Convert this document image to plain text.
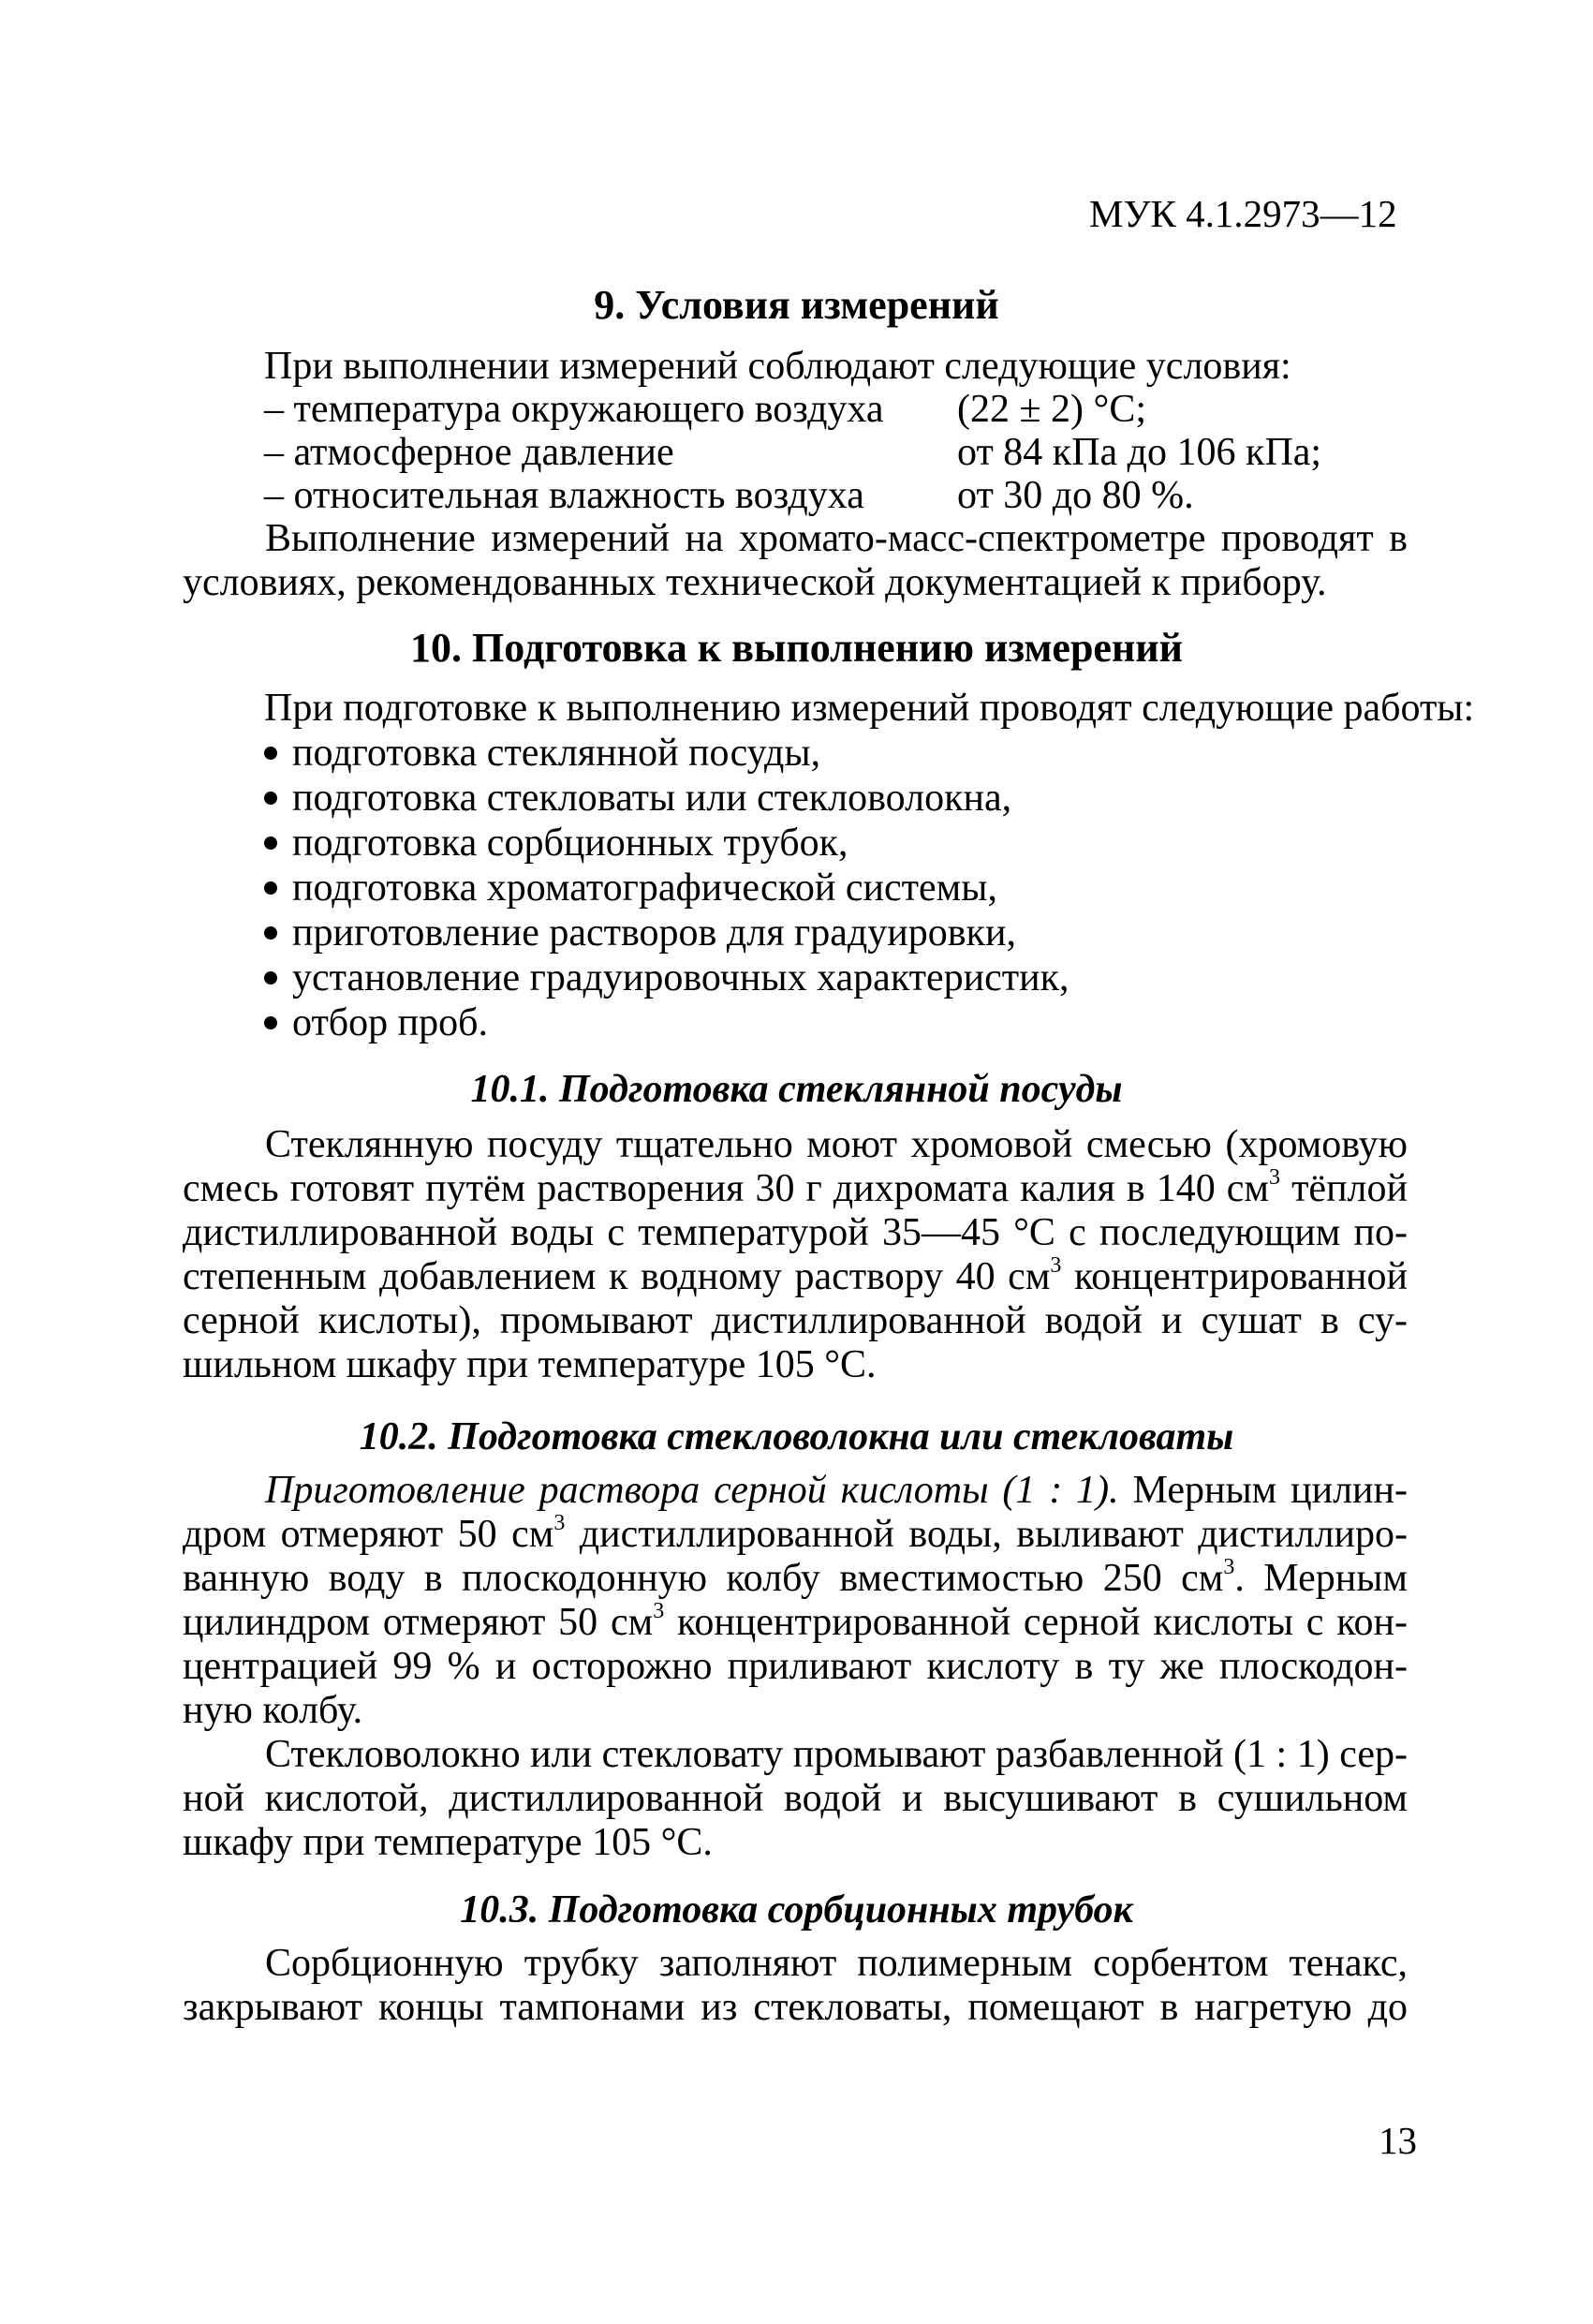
МУК 4.1.2973—12
9. Условия измерений
При выполнении измерений соблюдают следующие условия:
– температура окружающего воздуха (22 ± 2) °С;
– атмосферное давление	от 84 кПа до 106 кПа;
– относительная влажность воздуха от 30 до 80 %.
Выполнение измерений на хромато-масс-спектрометре проводят в
условиях, рекомендованных технической документацией к прибору.
10. Подготовка к выполнению измерений
При подготовке к выполнению измерений проводят следующие работы:
подготовка стеклянной посуды,
подготовка стекловаты или стекловолокна,
подготовка сорбционных трубок,
подготовка хроматографической системы,
приготовление растворов для градуировки,
установление градуировочных характеристик,
отбор проб.
10.1. Подготовка стеклянной посуды
Стеклянную посуду тщательно моют хромовой смесью (хромовую
смесь готовят путём растворения 30 г дихромата калия в 140 $см^3$ тёплой
дистиллированной воды с температурой 35—45 °С с последующим по-
степенным добавлением к водному раствору 40 $см^3$ концентрированной
серной кислоты), промывают дистиллированной водой и сушат в су-
шильном шкафу при температуре 105 °С.
10.2. Подготовка стекловолокна или стекловаты
Приготовление раствора серной кислоты (1 : 1). Мерным цилин-
дром отмеряют 50 $см^3$ дистиллированной воды, выливают дистиллиро-
ванную воду в плоскодонную колбу вместимостью 250 $см^3$. Мерным
цилиндром отмеряют 50 $см^3$ концентрированной серной кислоты с кон-
центрацией 99 % и осторожно приливают кислоту в ту же плоскодон-
ную колбу.
Стекловолокно или стекловату промывают разбавленной (1 : 1) сер-
ной кислотой, дистиллированной водой и высушивают в сушильном
шкафу при температуре 105 °С.
10.3. Подготовка сорбционных трубок
Сорбционную трубку заполняют полимерным сорбентом тенакс,
закрывают концы тампонами из стекловаты, помещают в нагретую до
13
